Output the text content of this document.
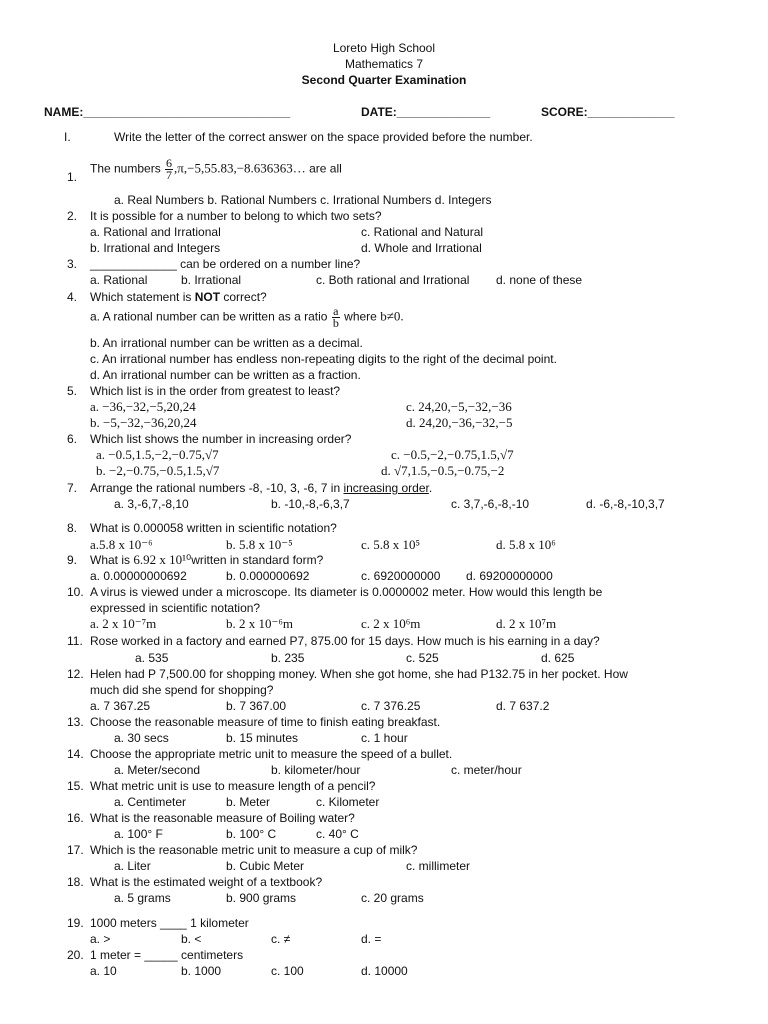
Loreto High School
Mathematics 7
Second Quarter Examination
NAME:_______________________________	DATE:______________	SCORE:_____________
I.	Write the letter of the correct answer on the space provided before the number.
1.
The numbers $\frac{6}{7}$ ,π,−5,55.83,−8.636363… are all
a. Real Numbers b. Rational Numbers c. Irrational Numbers d. Integers
2. It is possible for a number to belong to which two sets?
a. Rational and Irrational	c. Rational and Natural
b. Irrational and Integers	d. Whole and Irrational
3. _____________ can be ordered on a number line?
a. Rational	b. Irrational	c. Both rational and Irrational d. none of these
4. Which statement is NOT correct?
a. A rational number can be written as a ratio $\frac{a}{b}$ where b≠0.
b. An irrational number can be written as a decimal.
c. An irrational number has endless non-repeating digits to the right of the decimal point.
d. An irrational number can be written as a fraction.
5. Which list is in the order from greatest to least?
a. −36,−32,−5,20,24	c. 24,20,−5,−32,−36
b. −5,−32,−36,20,24	d. 24,20,−36,−32,−5
6. Which list shows the number in increasing order?
a. −0.5,1.5,−2,−0.75,√7	c. −0.5,−2,−0.75,1.5,√7
b. −2,−0.75,−0.5,1.5,√7	d. √7,1.5,−0.5,−0.75,−2
7. Arrange the rational numbers -8, -10, 3, -6, 7 in increasing order.
a. 3,-6,7,-8,10	b. -10,-8,-6,3,7	c. 3,7,-6,-8,-10	d. -6,-8,-10,3,7
8. What is 0.000058 written in scientific notation?
a.5.8 x 10⁻⁶	b. 5.8 x 10⁻⁵	c. 5.8 x 10⁵	d. 5.8 x 10⁶
9. What is 6.92 x 10¹⁰written in standard form?
a. 0.00000000692	b. 0.000000692	c. 6920000000 d. 69200000000
10. A virus is viewed under a microscope. Its diameter is 0.0000002 meter. How would this length be
expressed in scientific notation?
a. 2 x 10⁻⁷m	b. 2 x 10⁻⁶m	c. 2 x 10⁶m	d. 2 x 10⁷m
11. Rose worked in a factory and earned P7, 875.00 for 15 days. How much is his earning in a day?
a. 535	b. 235	c. 525	d. 625
12. Helen had P 7,500.00 for shopping money. When she got home, she had P132.75 in her pocket. How
much did she spend for shopping?
a. 7 367.25	b. 7 367.00	c. 7 376.25	d. 7 637.2
13. Choose the reasonable measure of time to finish eating breakfast.
a. 30 secs	b. 15 minutes	c. 1 hour
14. Choose the appropriate metric unit to measure the speed of a bullet.
a. Meter/second	b. kilometer/hour	c. meter/hour
15. What metric unit is use to measure length of a pencil?
a. Centimeter	b. Meter	c. Kilometer
16. What is the reasonable measure of Boiling water?
a. 100° F	b. 100° C	c. 40° C
17. Which is the reasonable metric unit to measure a cup of milk?
a. Liter	b. Cubic Meter	c. millimeter
18. What is the estimated weight of a textbook?
a. 5 grams	b. 900 grams	c. 20 grams
19. 1000 meters ____ 1 kilometer
a. >	b. <	c. ≠	d. =
20. 1 meter = _____ centimeters
a. 10	b. 1000	c. 100	d. 10000
